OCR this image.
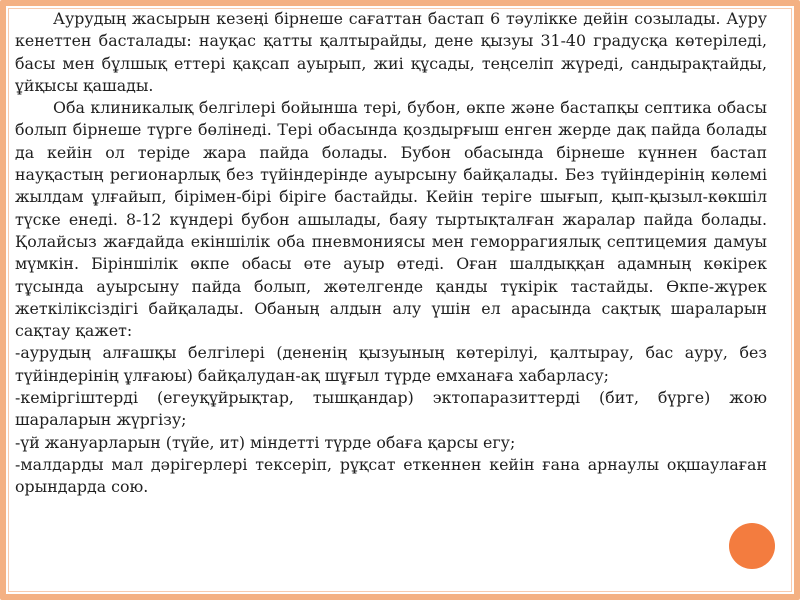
Аурудың жасырын кезеңі бірнеше сағаттан бастап 6 тәулікке дейін созылады. Ауру кенеттен басталады: науқас қатты қалтырайды, дене қызуы 31-40 градусқа көтеріледі, басы мен бұлшық еттері қақсап ауырып, жиі құсады, теңселіп жүреді, сандырақтайды, ұйқысы қашады.

Оба клиникалық белгілері бойынша тері, бубон, өкпе және бастапқы септика обасы болып бірнеше түрге бөлінеді. Тері обасында қоздырғыш енген жерде дақ пайда болады да кейін ол теріде жара пайда болады. Бубон обасында бірнеше күннен бастап науқастың регионарлық без түйіндерінде ауырсыну байқалады. Без түйіндерінің көлемі жылдам ұлғайып, бірімен-бірі біріге бастайды. Кейін теріге шығып, қып-қызыл-көкшіл түске енеді. 8-12 күндері бубон ашылады, баяу тыртықталған жаралар пайда болады. Қолайсыз жағдайда екіншілік оба пневмониясы мен геморрагиялық септицемия дамуы мүмкін. Біріншілік өкпе обасы өте ауыр өтеді. Оған шалдыққан адамның көкірек тұсында ауырсыну пайда болып, жөтелгенде қанды түкірік тастайды. Өкпе-жүрек жеткіліксіздігі байқалады. Обаның алдын алу үшін ел арасында сақтық шараларын сақтау қажет:

-аурудың алғашқы белгілері (дененің қызуының көтерілуі, қалтырау, бас ауру, без түйіндерінің ұлғаюы) байқалудан-ақ шұғыл түрде емханаға хабарласу;

-кеміргіштерді (егеуқұйрықтар, тышқандар) эктопаразиттерді (бит, бүрге) жою шараларын жүргізу;

-үй жануарларын (түйе, ит) міндетті түрде обаға қарсы егу;

-малдарды мал дәрігерлері тексеріп, рұқсат еткеннен кейін ғана арнаулы оқшаулаған орындарда сою.
